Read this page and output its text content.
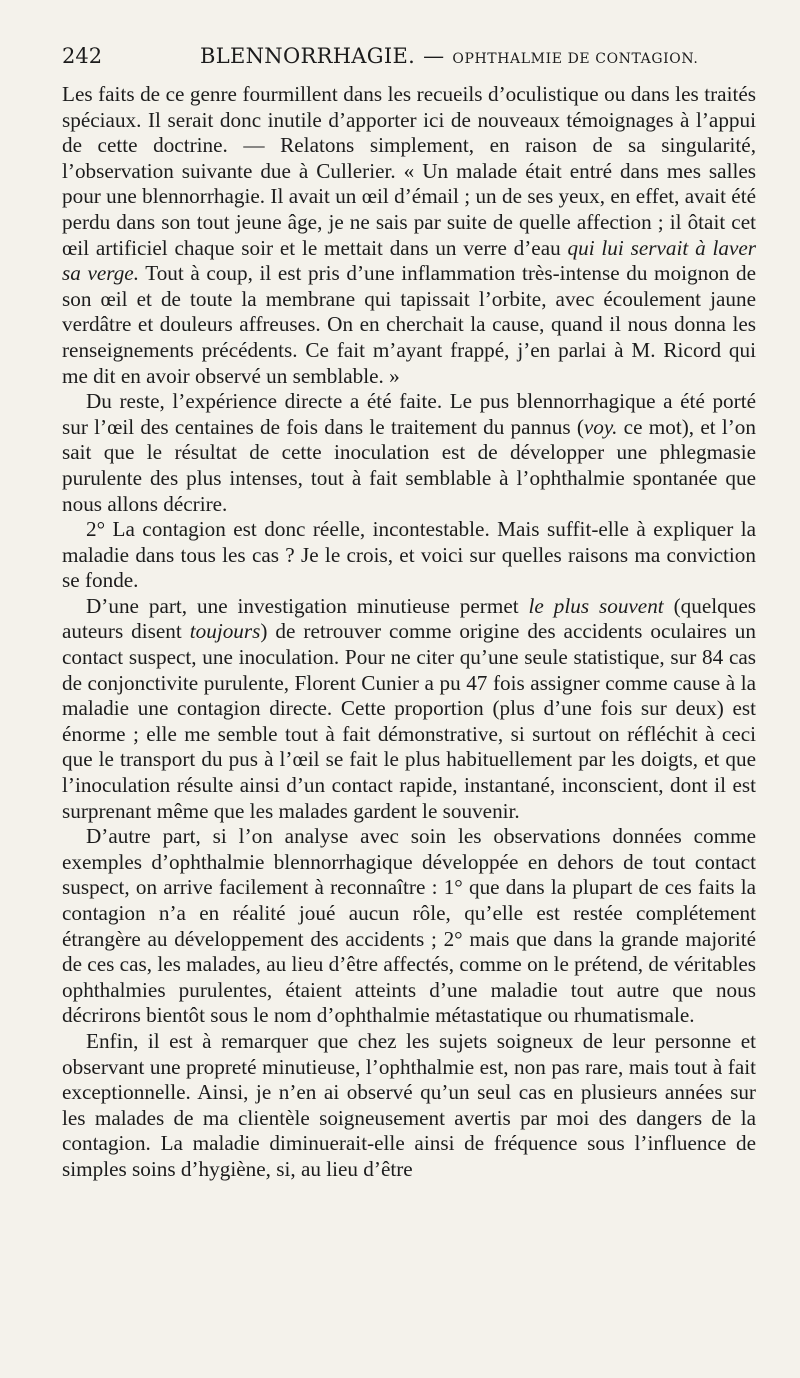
242	BLENNORRHAGIE. — OPHTHALMIE DE CONTAGION.

Les faits de ce genre fourmillent dans les recueils d’oculistique ou dans les traités spéciaux. Il serait donc inutile d’apporter ici de nouveaux témoignages à l’appui de cette doctrine. — Relatons simplement, en raison de sa singularité, l’observation suivante due à Cullerier. « Un malade était entré dans mes salles pour une blennorrhagie. Il avait un œil d’émail ; un de ses yeux, en effet, avait été perdu dans son tout jeune âge, je ne sais par suite de quelle affection ; il ôtait cet œil artificiel chaque soir et le mettait dans un verre d’eau qui lui servait à laver sa verge. Tout à coup, il est pris d’une inflammation très-intense du moignon de son œil et de toute la membrane qui tapissait l’orbite, avec écoulement jaune verdâtre et douleurs affreuses. On en cherchait la cause, quand il nous donna les renseignements précédents. Ce fait m’ayant frappé, j’en parlai à M. Ricord qui me dit en avoir observé un semblable. »

Du reste, l’expérience directe a été faite. Le pus blennorrhagique a été porté sur l’œil des centaines de fois dans le traitement du pannus (voy. ce mot), et l’on sait que le résultat de cette inoculation est de développer une phlegmasie purulente des plus intenses, tout à fait semblable à l’ophthalmie spontanée que nous allons décrire.

2° La contagion est donc réelle, incontestable. Mais suffit-elle à expliquer la maladie dans tous les cas ? Je le crois, et voici sur quelles raisons ma conviction se fonde.

D’une part, une investigation minutieuse permet le plus souvent (quelques auteurs disent toujours) de retrouver comme origine des accidents oculaires un contact suspect, une inoculation. Pour ne citer qu’une seule statistique, sur 84 cas de conjonctivite purulente, Florent Cunier a pu 47 fois assigner comme cause à la maladie une contagion directe. Cette proportion (plus d’une fois sur deux) est énorme ; elle me semble tout à fait démonstrative, si surtout on réfléchit à ceci que le transport du pus à l’œil se fait le plus habituellement par les doigts, et que l’inoculation résulte ainsi d’un contact rapide, instantané, inconscient, dont il est surprenant même que les malades gardent le souvenir.

D’autre part, si l’on analyse avec soin les observations données comme exemples d’ophthalmie blennorrhagique développée en dehors de tout contact suspect, on arrive facilement à reconnaître : 1° que dans la plupart de ces faits la contagion n’a en réalité joué aucun rôle, qu’elle est restée complétement étrangère au développement des accidents ; 2° mais que dans la grande majorité de ces cas, les malades, au lieu d’être affectés, comme on le prétend, de véritables ophthalmies purulentes, étaient atteints d’une maladie tout autre que nous décrirons bientôt sous le nom d’ophthalmie métastatique ou rhumatismale.

Enfin, il est à remarquer que chez les sujets soigneux de leur personne et observant une propreté minutieuse, l’ophthalmie est, non pas rare, mais tout à fait exceptionnelle. Ainsi, je n’en ai observé qu’un seul cas en plusieurs années sur les malades de ma clientèle soigneusement avertis par moi des dangers de la contagion. La maladie diminuerait-elle ainsi de fréquence sous l’influence de simples soins d’hygiène, si, au lieu d’être
